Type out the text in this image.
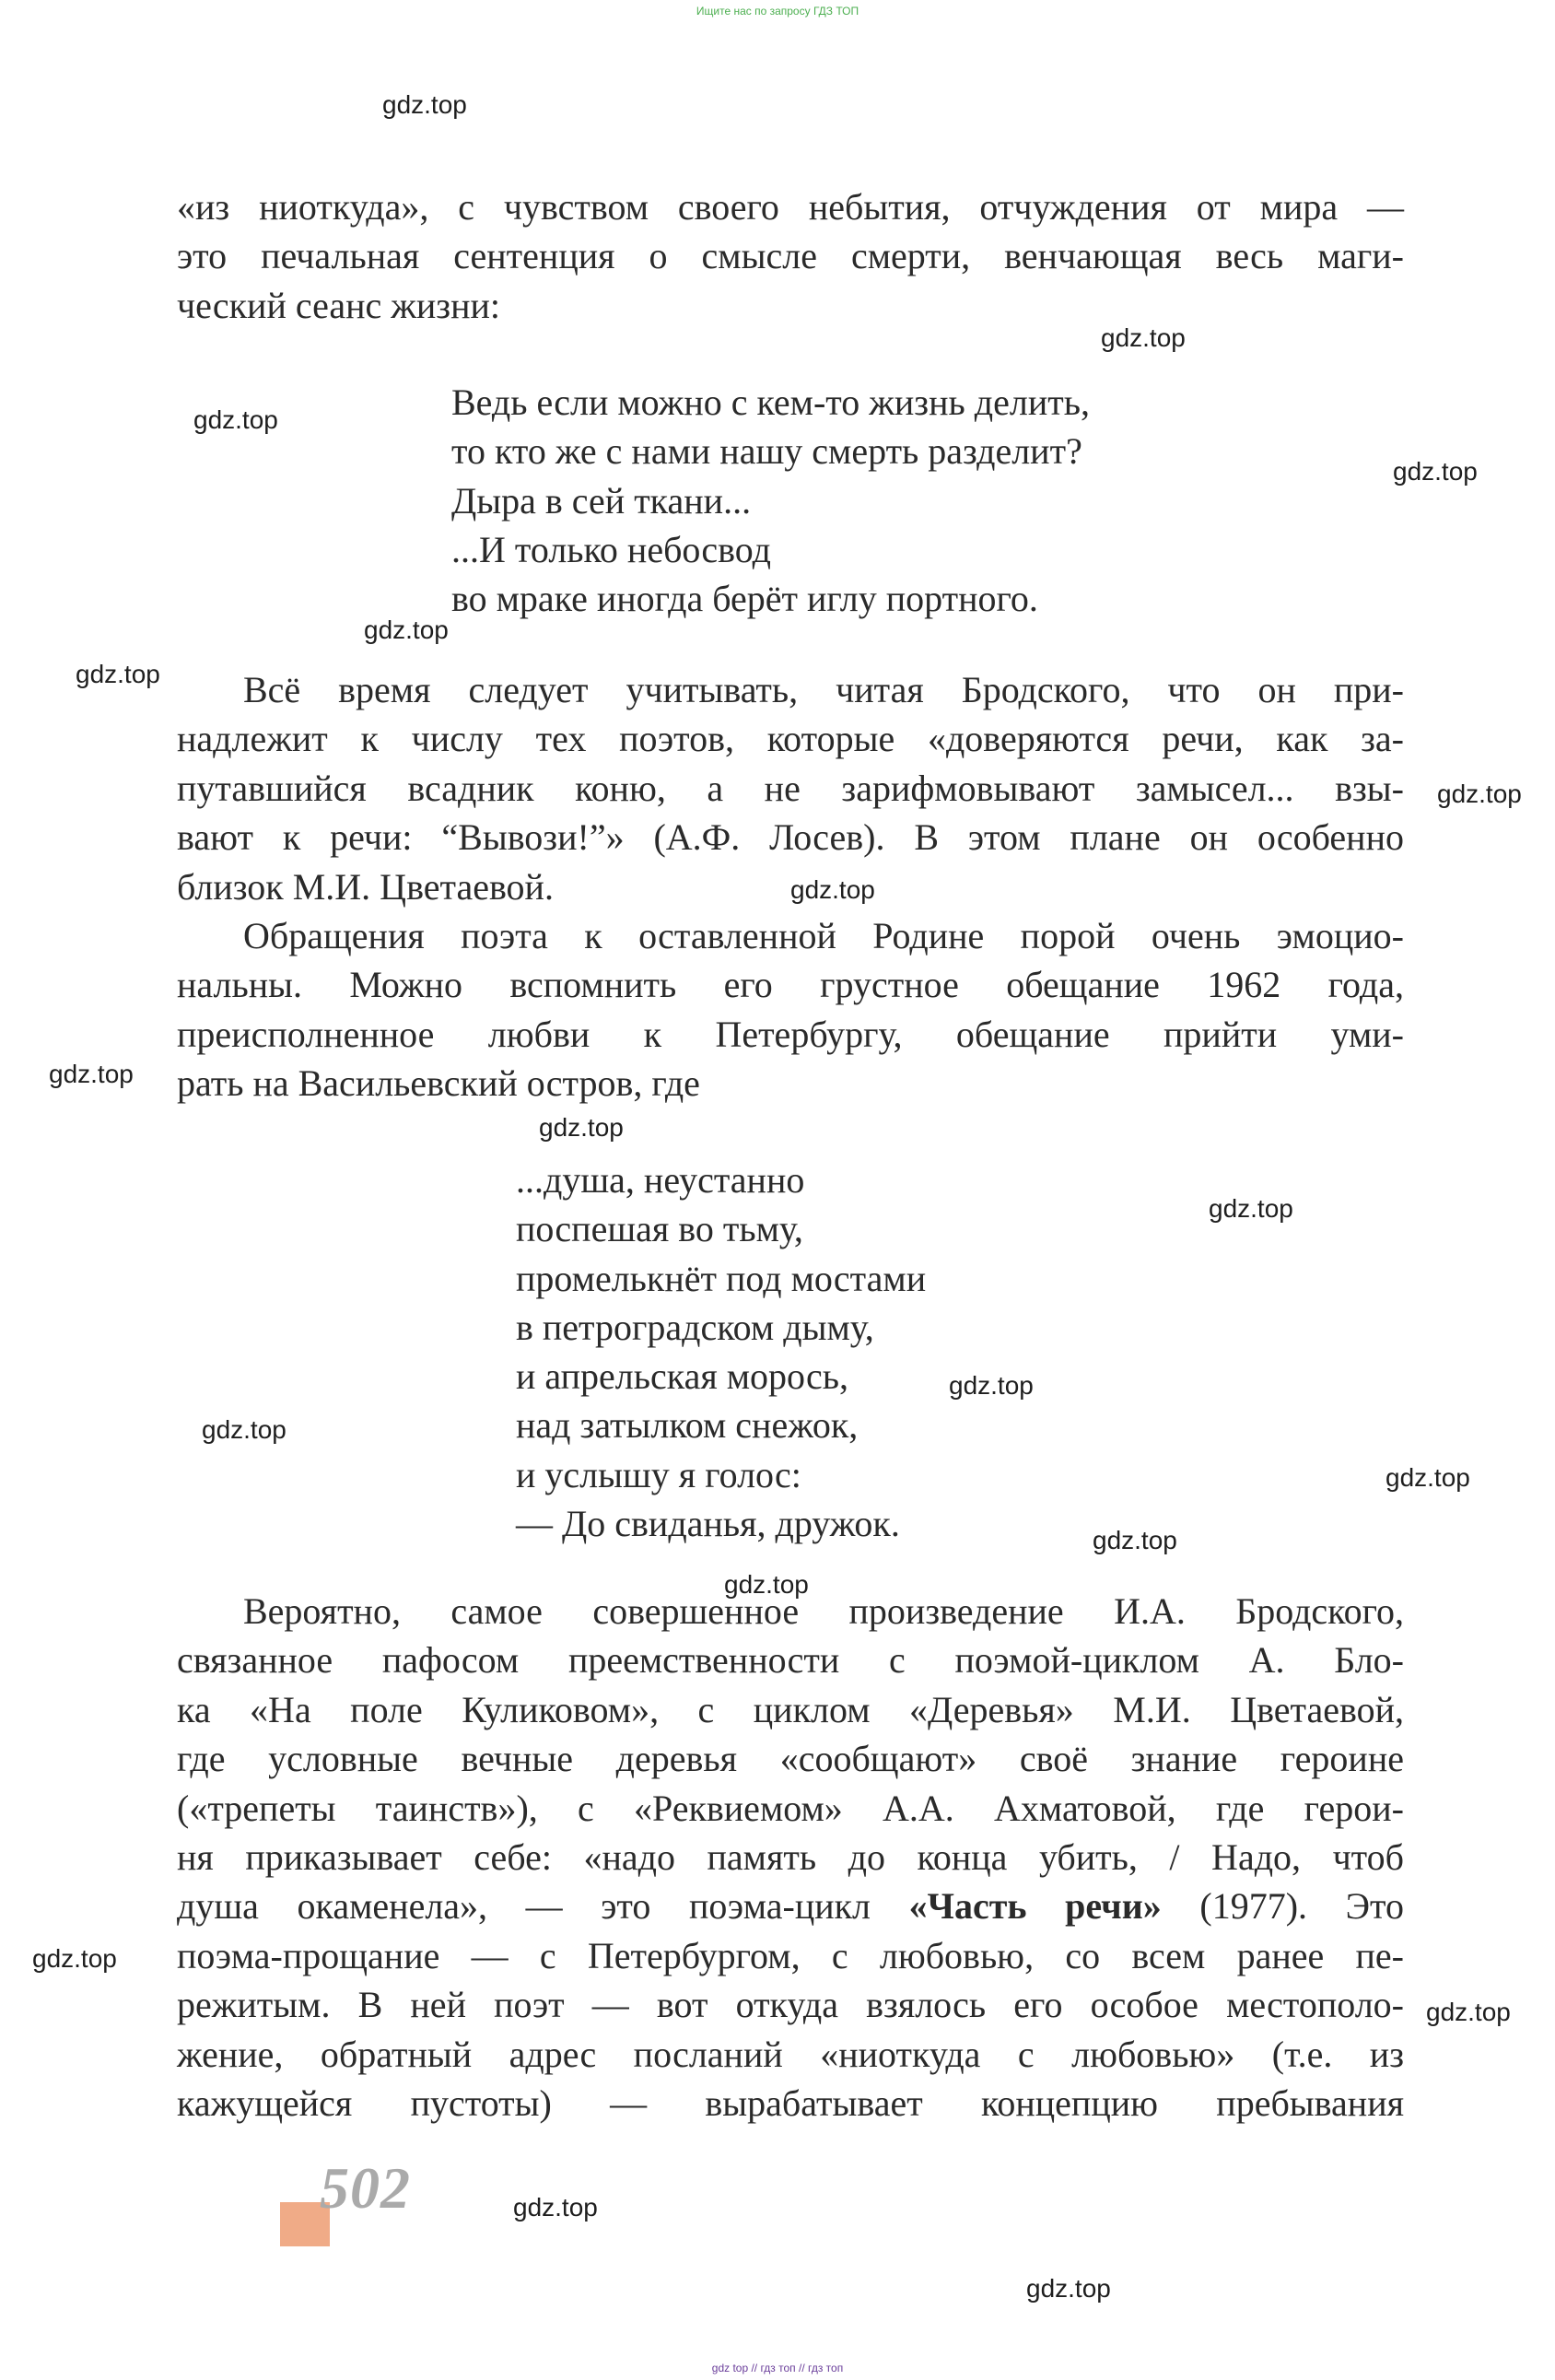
Ищите нас по запросу ГДЗ ТОП
«из ниоткуда», с чувством своего небытия, отчуждения от мира —
это печальная сентенция о смысле смерти, венчающая весь маги-
ческий сеанс жизни:
Ведь если можно с кем-то жизнь делить,
то кто же с нами нашу смерть разделит?
Дыра в сей ткани...
...И только небосвод
во мраке иногда берёт иглу портного.
Всё время следует учитывать, читая Бродского, что он при-
надлежит к числу тех поэтов, которые «доверяются речи, как за-
путавшийся всадник коню, а не зарифмовывают замысел... взы-
вают к речи: “Вывози!”» (А.Ф. Лосев). В этом плане он особенно
близок М.И. Цветаевой.
Обращения поэта к оставленной Родине порой очень эмоцио-
нальны. Можно вспомнить его грустное обещание 1962 года,
преисполненное любви к Петербургу, обещание прийти уми-
рать на Васильевский остров, где
...душа, неустанно
поспешая во тьму,
промелькнёт под мостами
в петроградском дыму,
и апрельская морось,
над затылком снежок,
и услышу я голос:
— До свиданья, дружок.
Вероятно, самое совершенное произведение И.А. Бродского,
связанное пафосом преемственности с поэмой-циклом А. Бло-
ка «На поле Куликовом», с циклом «Деревья» М.И. Цветаевой,
где условные вечные деревья «сообщают» своё знание героине
(«трепеты таинств»), с «Реквиемом» А.А. Ахматовой, где герои-
ня приказывает себе: «надо память до конца убить, / Надо, чтоб
душа окаменела», — это поэма-цикл «Часть речи» (1977). Это
поэма-прощание — с Петербургом, с любовью, со всем ранее пе-
режитым. В ней поэт — вот откуда взялось его особое местополо-
жение, обратный адрес посланий «ниоткуда с любовью» (т.е. из
кажущейся пустоты) — вырабатывает концепцию пребывания
502
gdz.top
gdz.top
gdz.top
gdz.top
gdz.top
gdz.top
gdz.top
gdz.top
gdz.top
gdz.top
gdz.top
gdz.top
gdz.top
gdz.top
gdz.top
gdz.top
gdz.top
gdz.top
gdz.top
gdz.top
gdz top // гдз топ // гдз топ
